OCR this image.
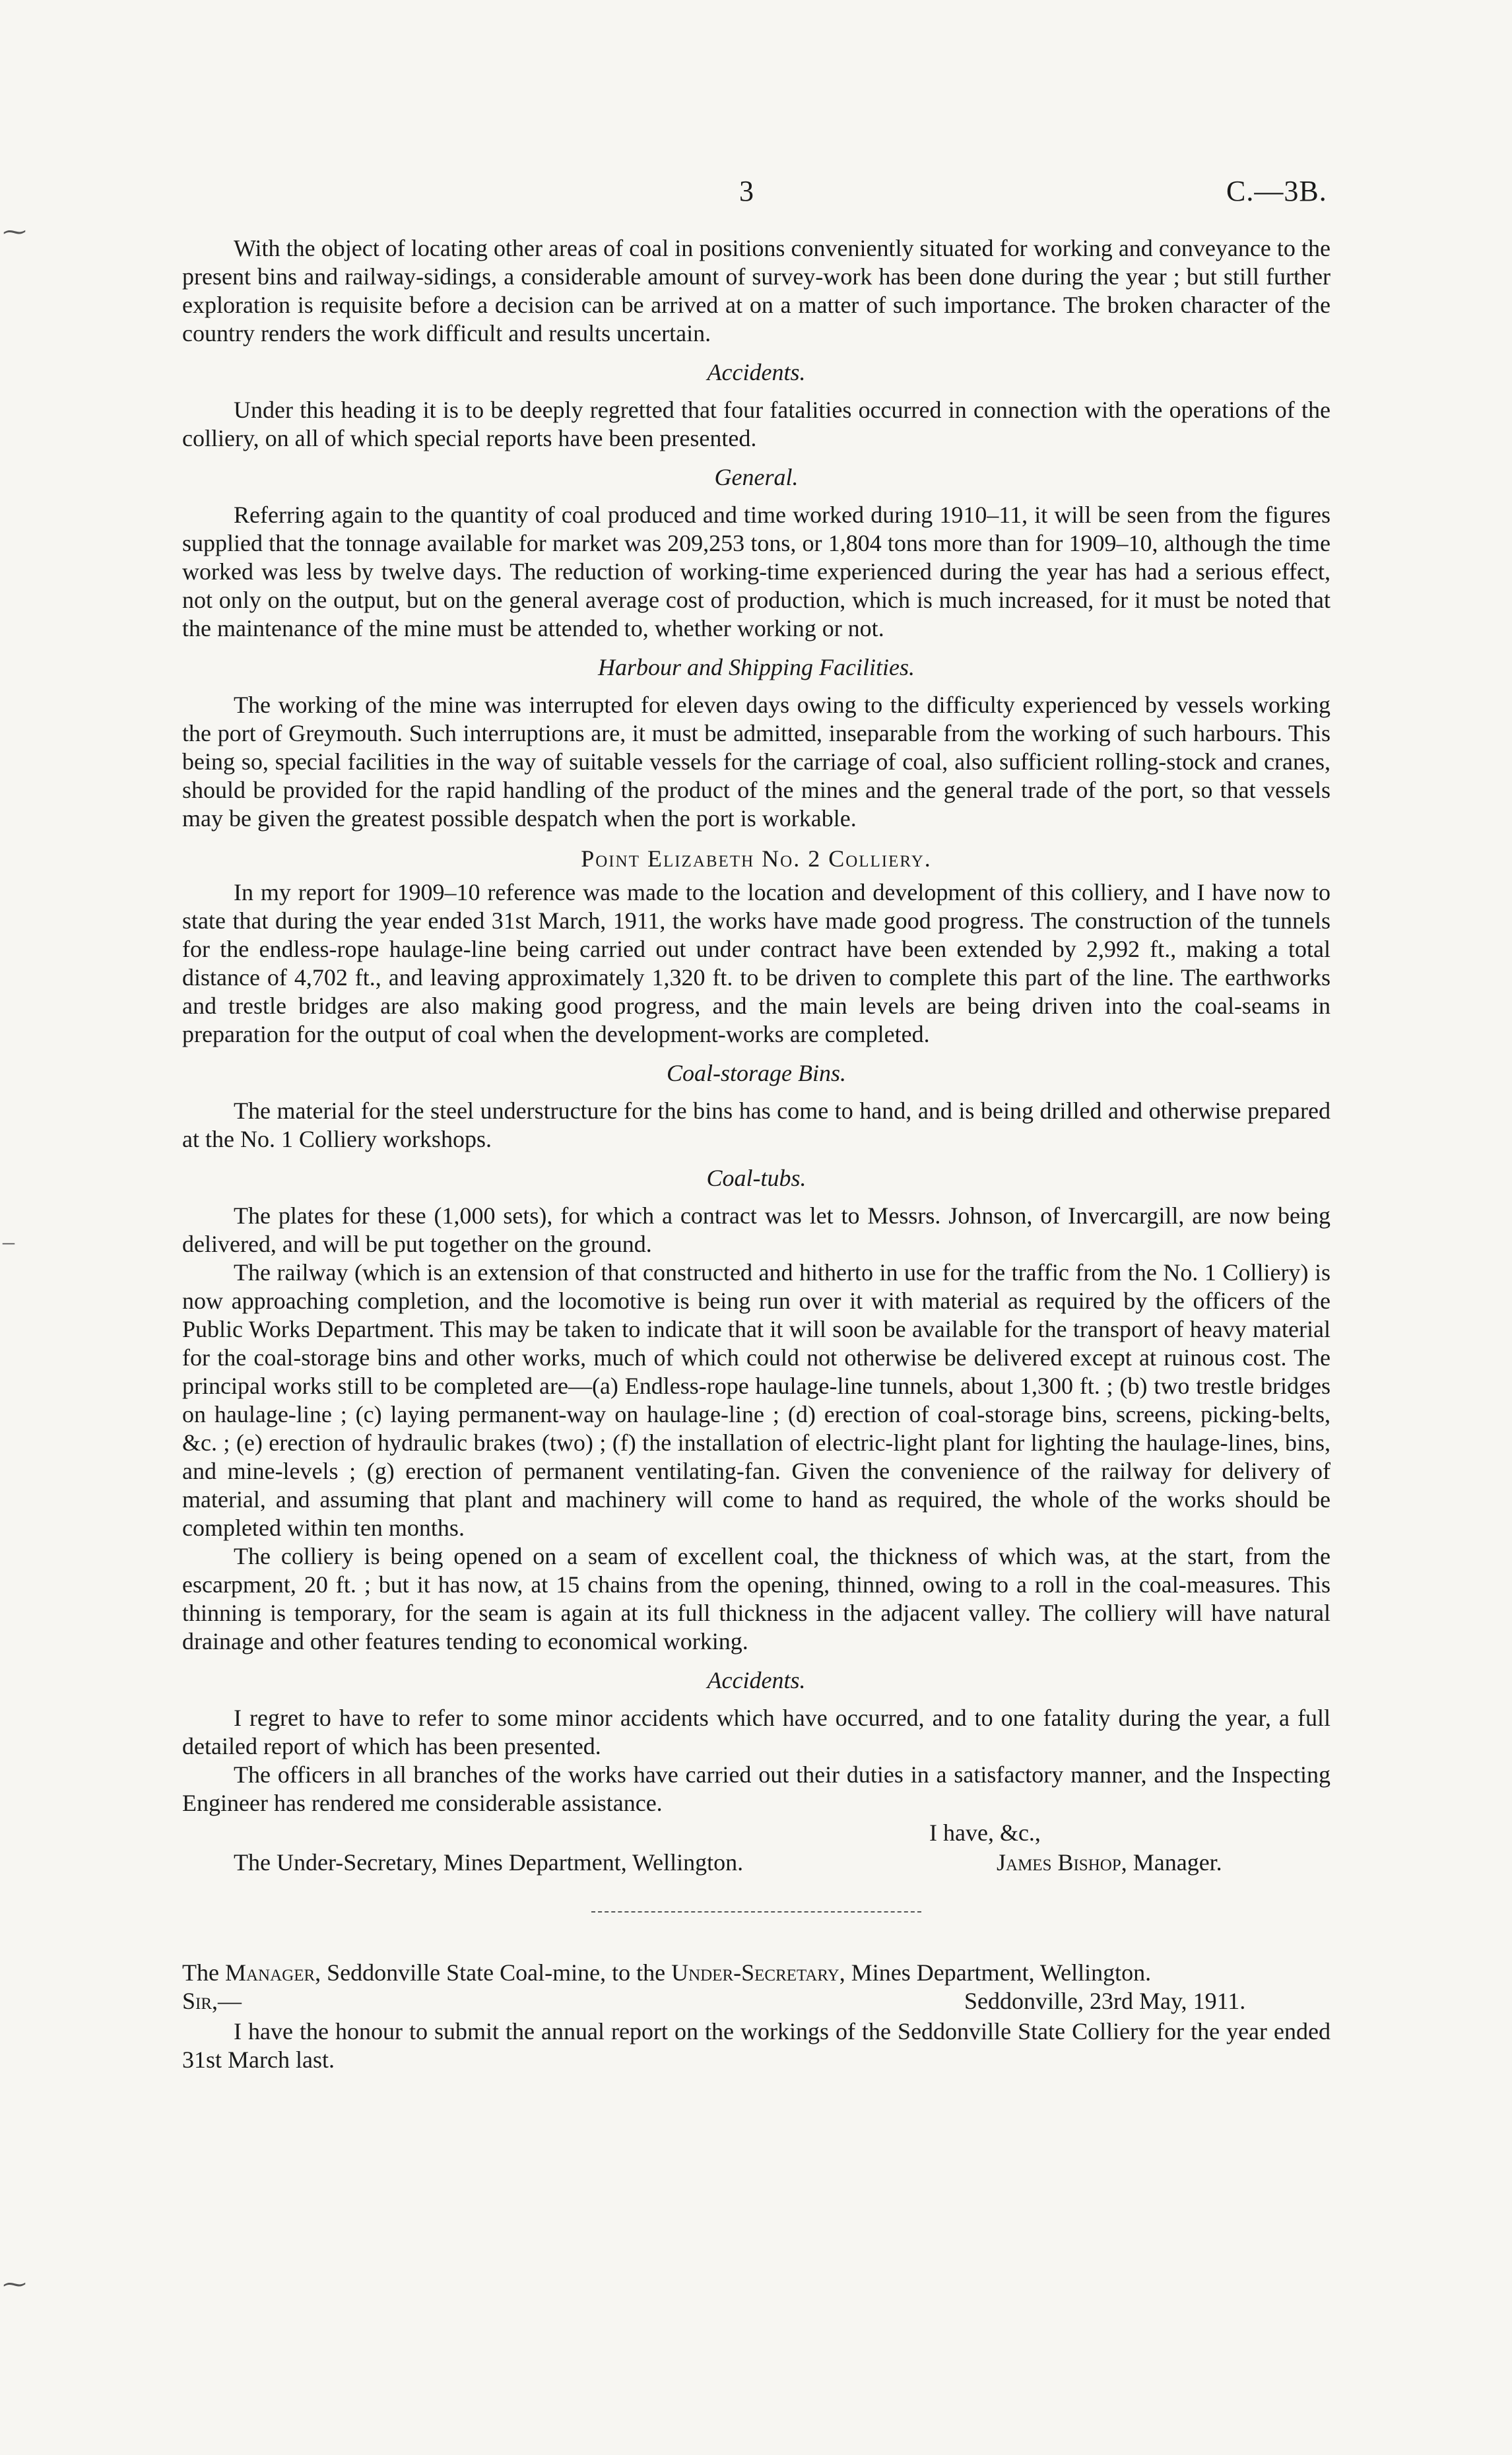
3	C.—3B.
⁓
–
⁓

With the object of locating other areas of coal in positions conveniently situated for working and conveyance to the present bins and railway-sidings, a considerable amount of survey-work has been done during the year ; but still further exploration is requisite before a decision can be arrived at on a matter of such importance. The broken character of the country renders the work difficult and results uncertain.

Accidents.

Under this heading it is to be deeply regretted that four fatalities occurred in connection with the operations of the colliery, on all of which special reports have been presented.

General.

Referring again to the quantity of coal produced and time worked during 1910–11, it will be seen from the figures supplied that the tonnage available for market was 209,253 tons, or 1,804 tons more than for 1909–10, although the time worked was less by twelve days. The reduction of working-time experienced during the year has had a serious effect, not only on the output, but on the general average cost of production, which is much increased, for it must be noted that the maintenance of the mine must be attended to, whether working or not.

Harbour and Shipping Facilities.

The working of the mine was interrupted for eleven days owing to the difficulty experienced by vessels working the port of Greymouth. Such interruptions are, it must be admitted, inseparable from the working of such harbours. This being so, special facilities in the way of suitable vessels for the carriage of coal, also sufficient rolling-stock and cranes, should be provided for the rapid handling of the product of the mines and the general trade of the port, so that vessels may be given the greatest possible despatch when the port is workable.

Point Elizabeth No. 2 Colliery.

In my report for 1909–10 reference was made to the location and development of this colliery, and I have now to state that during the year ended 31st March, 1911, the works have made good progress. The construction of the tunnels for the endless-rope haulage-line being carried out under contract have been extended by 2,992 ft., making a total distance of 4,702 ft., and leaving approximately 1,320 ft. to be driven to complete this part of the line. The earthworks and trestle bridges are also making good progress, and the main levels are being driven into the coal-seams in preparation for the output of coal when the development-works are completed.

Coal-storage Bins.

The material for the steel understructure for the bins has come to hand, and is being drilled and otherwise prepared at the No. 1 Colliery workshops.

Coal-tubs.

The plates for these (1,000 sets), for which a contract was let to Messrs. Johnson, of Invercargill, are now being delivered, and will be put together on the ground.

The railway (which is an extension of that constructed and hitherto in use for the traffic from the No. 1 Colliery) is now approaching completion, and the locomotive is being run over it with material as required by the officers of the Public Works Department. This may be taken to indicate that it will soon be available for the transport of heavy material for the coal-storage bins and other works, much of which could not otherwise be delivered except at ruinous cost. The principal works still to be completed are—(a) Endless-rope haulage-line tunnels, about 1,300 ft. ; (b) two trestle bridges on haulage-line ; (c) laying permanent-way on haulage-line ; (d) erection of coal-storage bins, screens, picking-belts, &c. ; (e) erection of hydraulic brakes (two) ; (f) the installation of electric-light plant for lighting the haulage-lines, bins, and mine-levels ; (g) erection of permanent ventilating-fan. Given the convenience of the railway for delivery of material, and assuming that plant and machinery will come to hand as required, the whole of the works should be completed within ten months.

The colliery is being opened on a seam of excellent coal, the thickness of which was, at the start, from the escarpment, 20 ft. ; but it has now, at 15 chains from the opening, thinned, owing to a roll in the coal-measures. This thinning is temporary, for the seam is again at its full thickness in the adjacent valley. The colliery will have natural drainage and other features tending to economical working.

Accidents.

I regret to have to refer to some minor accidents which have occurred, and to one fatality during the year, a full detailed report of which has been presented.

The officers in all branches of the works have carried out their duties in a satisfactory manner, and the Inspecting Engineer has rendered me considerable assistance.

I have, &c.,
The Under-Secretary, Mines Department, Wellington.	James Bishop, Manager.

The Manager, Seddonville State Coal-mine, to the Under-Secretary, Mines Department, Wellington.

Sir,—	Seddonville, 23rd May, 1911.

I have the honour to submit the annual report on the workings of the Seddonville State Colliery for the year ended 31st March last.
